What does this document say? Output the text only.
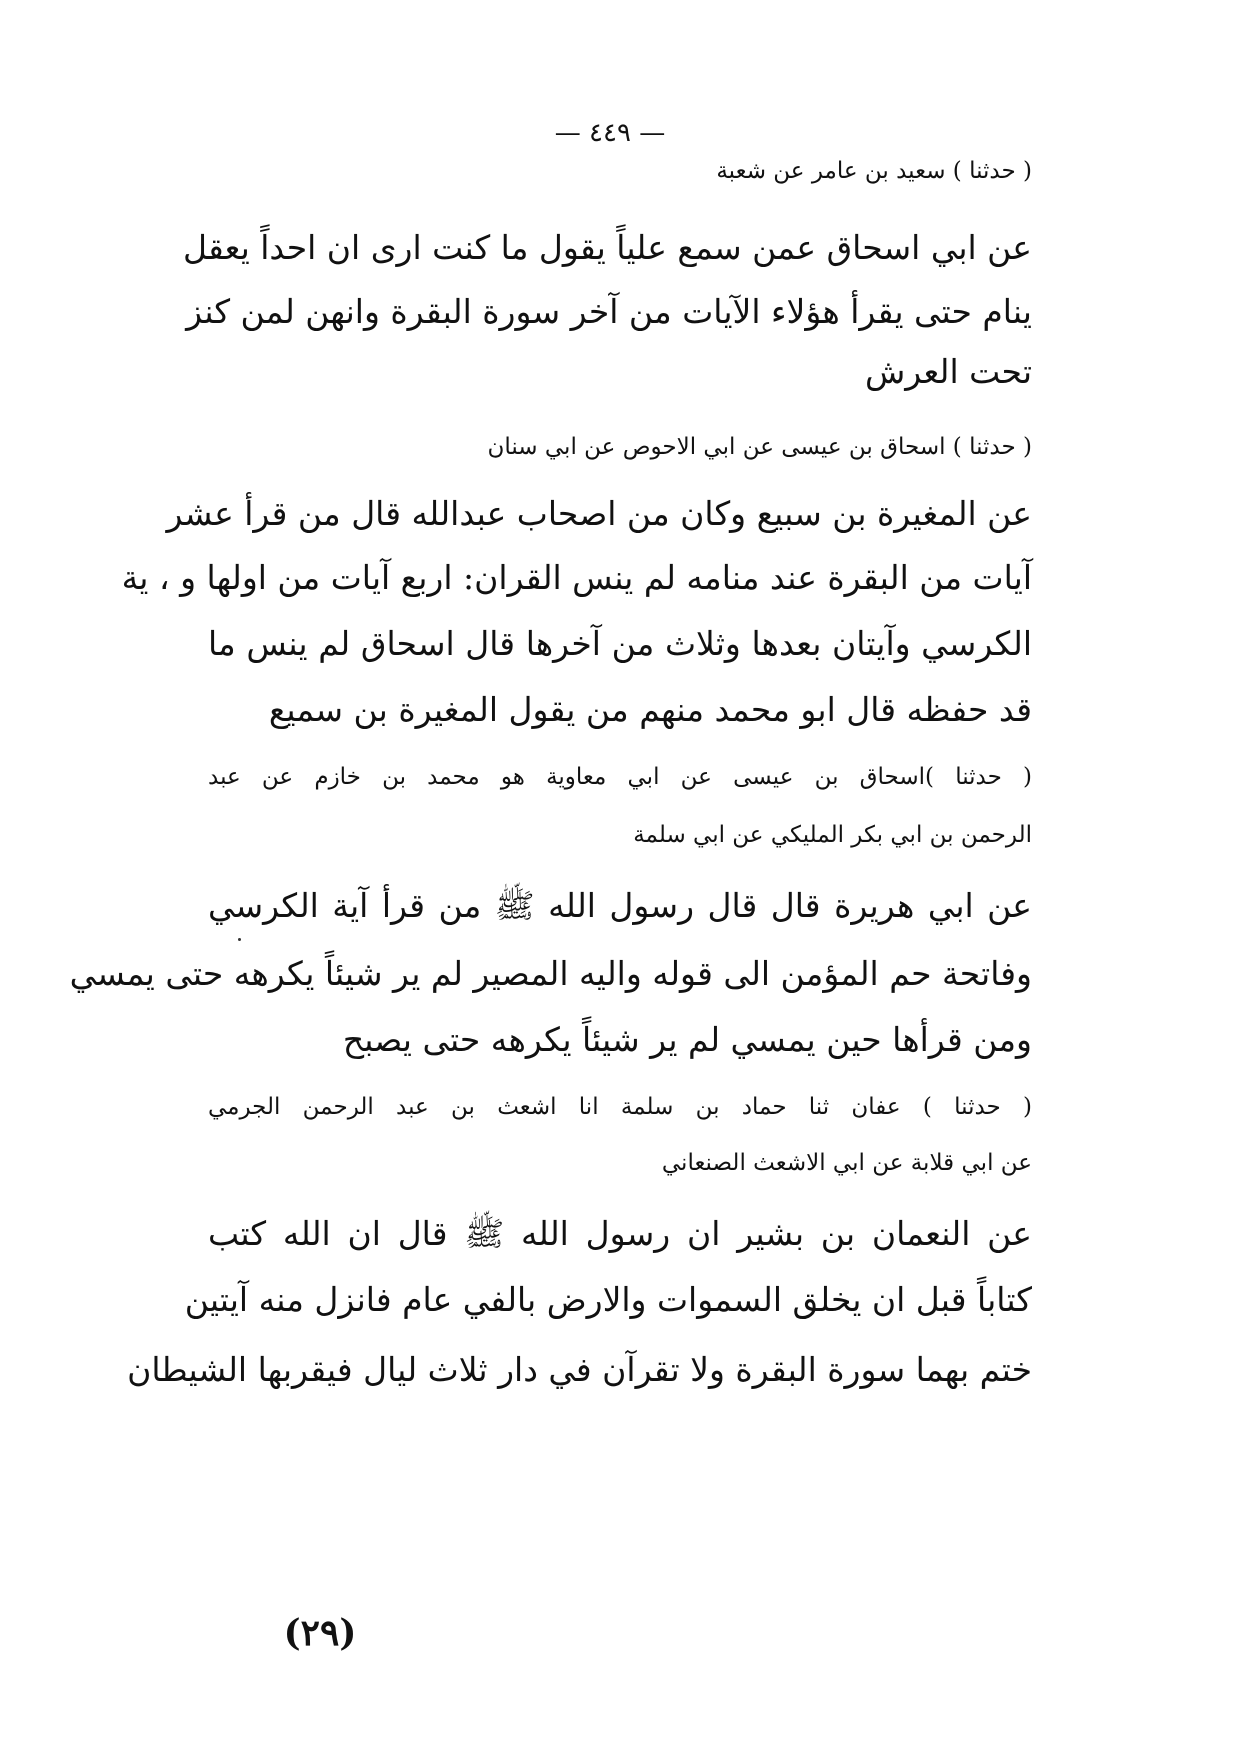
— ٤٤٩ —
( حدثنا ) سعيد بن عامر عن شعبة
عن ابي اسحاق عمن سمع علياً يقول ما كنت ارى ان احداً يعقل
ينام حتى يقرأ هؤلاء الآيات من آخر سورة البقرة وانهن لمن كنز
تحت العرش
( حدثنا ) اسحاق بن عيسى عن ابي الاحوص عن ابي سنان
عن المغيرة بن سبيع وكان من اصحاب عبدالله قال من قرأ عشر
آيات من البقرة عند منامه لم ينس القران: اربع آيات من اولها و ، ية
الكرسي وآيتان بعدها وثلاث من آخرها قال اسحاق لم ينس ما
قد حفظه قال ابو محمد منهم من يقول المغيرة بن سميع
( حدثنا )اسحاق بن عيسى عن ابي معاوية هو محمد بن خازم عن عبد
الرحمن بن ابي بكر المليكي عن ابي سلمة
عن ابي هريرة قال قال رسول الله ﷺ من قرأ آية الكرسي
وفاتحة حم المؤمن الى قوله واليه المصير لم ير شيئاً يكرهه حتى يمسي
ومن قرأها حين يمسي لم ير شيئاً يكرهه حتى يصبح
( حدثنا ) عفان ثنا حماد بن سلمة انا اشعث بن عبد الرحمن الجرمي
عن ابي قلابة عن ابي الاشعث الصنعاني
عن النعمان بن بشير ان رسول الله ﷺ قال ان الله كتب
كتاباً قبل ان يخلق السموات والارض بالفي عام فانزل منه آيتين
ختم بهما سورة البقرة ولا تقرآن في دار ثلاث ليال فيقربها الشيطان
(٢٩)
